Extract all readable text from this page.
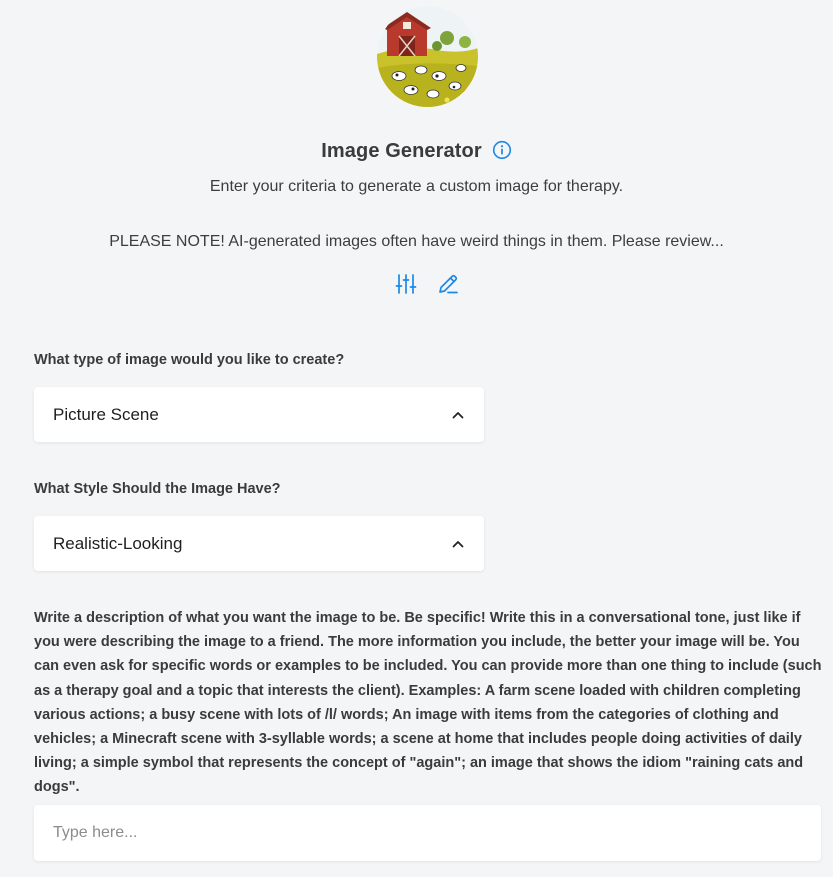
Image Generator
Enter your criteria to generate a custom image for therapy.
PLEASE NOTE! AI-generated images often have weird things in them. Please review...
What type of image would you like to create?
Picture Scene
What Style Should the Image Have?
Realistic-Looking
Write a description of what you want the image to be. Be specific! Write this in a conversational tone, just like if you were describing the image to a friend. The more information you include, the better your image will be. You can even ask for specific words or examples to be included. You can provide more than one thing to include (such as a therapy goal and a topic that interests the client). Examples: A farm scene loaded with children completing various actions; a busy scene with lots of /l/ words; An image with items from the categories of clothing and vehicles; a Minecraft scene with 3-syllable words; a scene at home that includes people doing activities of daily living; a simple symbol that represents the concept of "again"; an image that shows the idiom "raining cats and dogs".
Type here...
